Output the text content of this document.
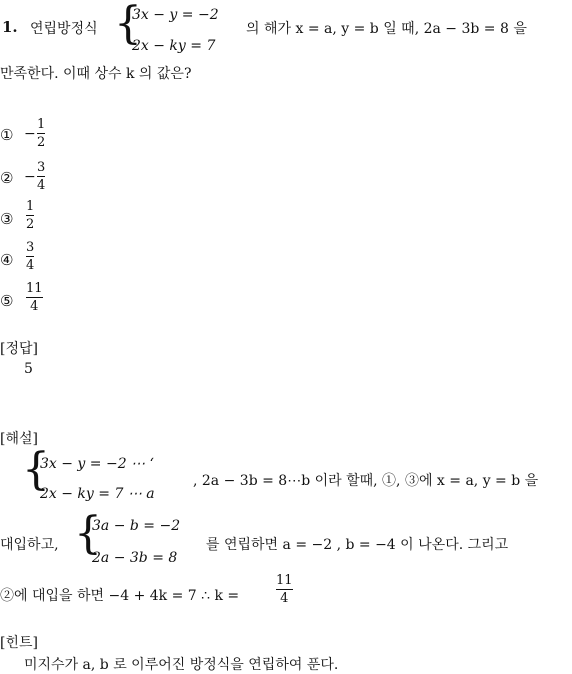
1. 연립방정식 {
3x − y = −2
2x − ky = 7
의 해가 x = a, y = b 일 때, 2a − 3b = 8 을
만족한다. 이때 상수 k 의 값은?
① −
1
2
② −
3
4
③
1
2
④
3
4
⑤
11
4
[정답]
5
[해설]
{
3x − y = −2 ⋯ ‘
2x − ky = 7 ⋯ a
, 2a − 3b = 8⋯b 이라 할때, ①, ③에 x = a, y = b 을
대입하고, {
3a − b = −2
2a − 3b = 8
를 연립하면 a = −2 , b = −4 이 나온다. 그리고
②에 대입을 하면 −4 + 4k = 7 ∴ k =
11
4
[힌트]
미지수가 a, b 로 이루어진 방정식을 연립하여 푼다.
